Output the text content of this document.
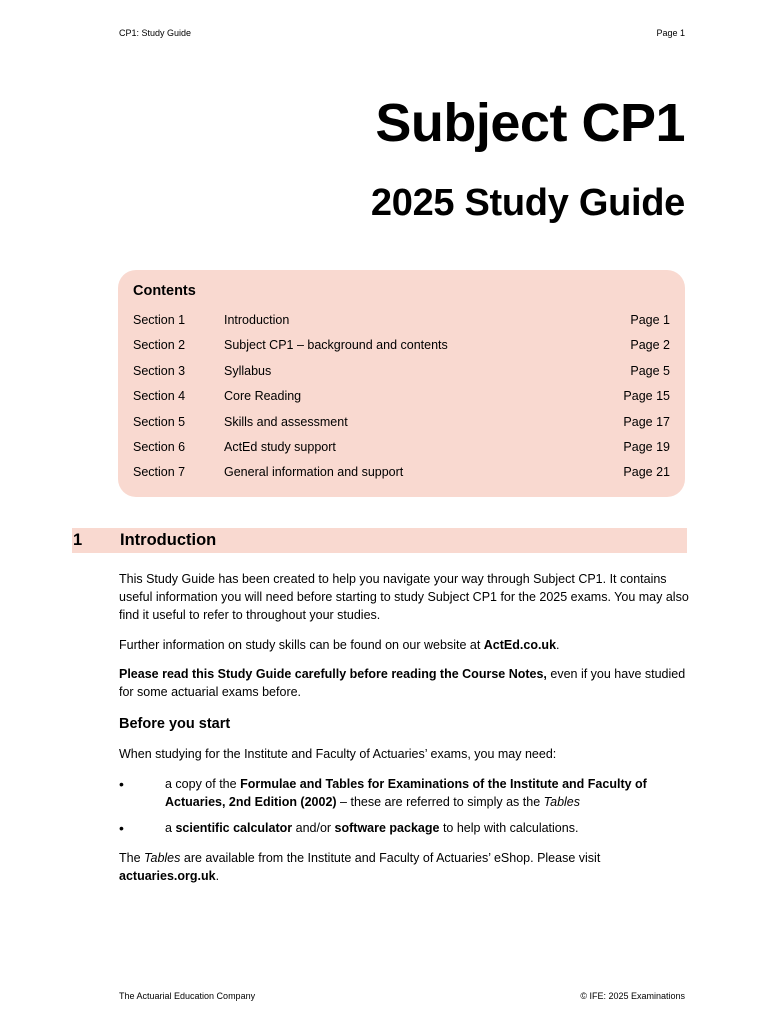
CP1: Study Guide	Page 1
Subject CP1
2025 Study Guide
Contents
Section 1	Introduction	Page 1
Section 2	Subject CP1 – background and contents	Page 2
Section 3	Syllabus	Page 5
Section 4	Core Reading	Page 15
Section 5	Skills and assessment	Page 17
Section 6	ActEd study support	Page 19
Section 7	General information and support	Page 21
1	Introduction

This Study Guide has been created to help you navigate your way through Subject CP1. It contains useful information you will need before starting to study Subject CP1 for the 2025 exams. You may also find it useful to refer to throughout your studies.

Further information on study skills can be found on our website at ActEd.co.uk.

Please read this Study Guide carefully before reading the Course Notes, even if you have studied for some actuarial exams before.

Before you start

When studying for the Institute and Faculty of Actuaries’ exams, you may need:

•	a copy of the Formulae and Tables for Examinations of the Institute and Faculty of Actuaries, 2nd Edition (2002) – these are referred to simply as the Tables
•	a scientific calculator and/or software package to help with calculations.

The Tables are available from the Institute and Faculty of Actuaries’ eShop. Please visit actuaries.org.uk.

The Actuarial Education Company	© IFE: 2025 Examinations
